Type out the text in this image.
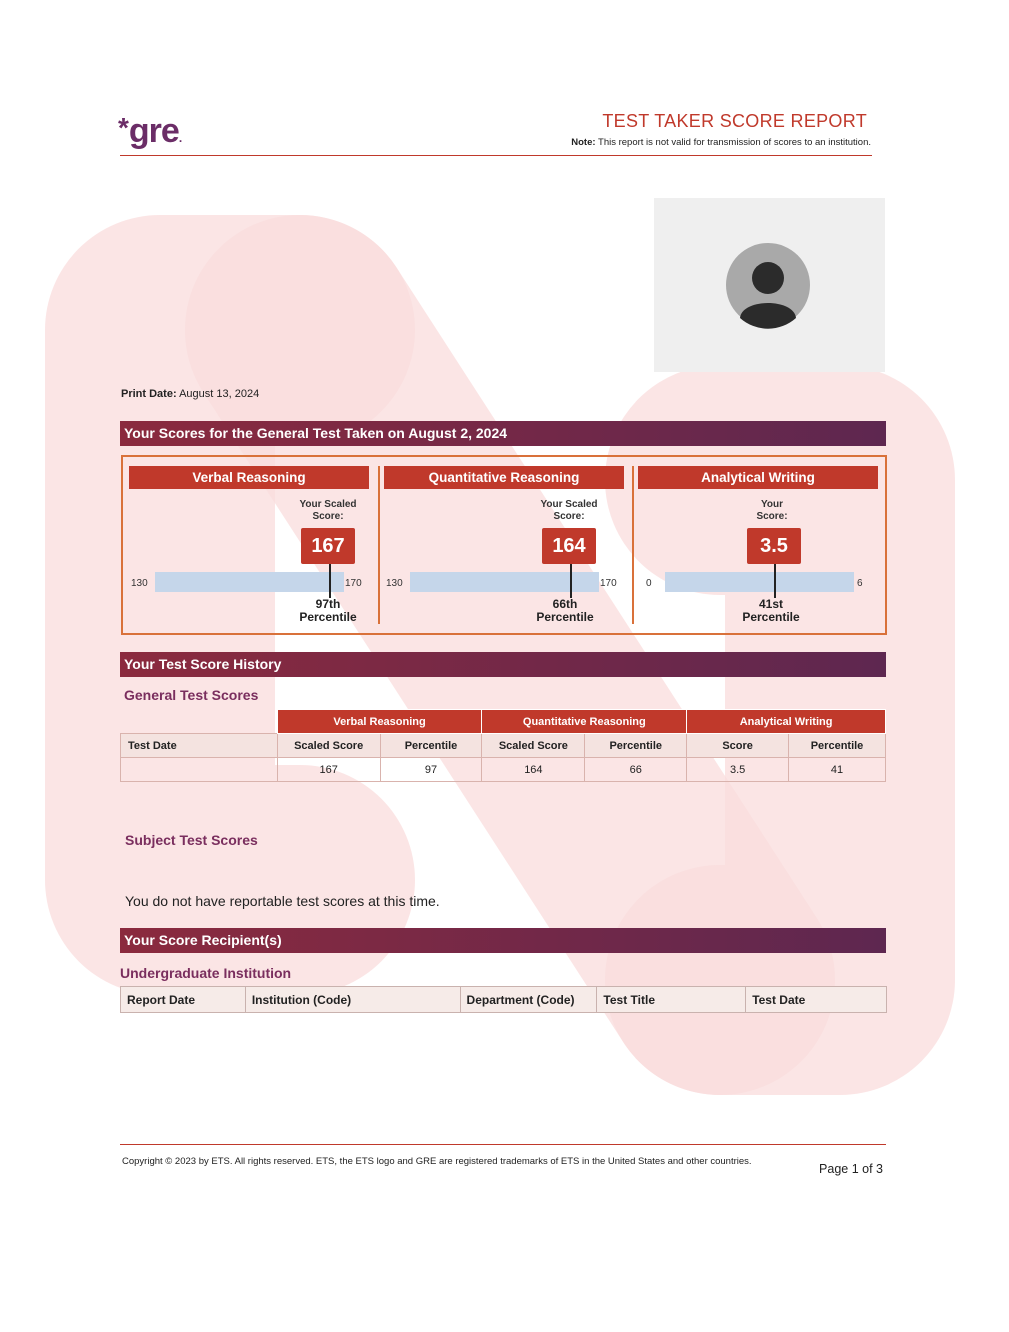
*gre.
TEST TAKER SCORE REPORT
Note: This report is not valid for transmission of scores to an institution.
Print Date: August 13, 2024
Your Scores for the General Test Taken on August 2, 2024
Verbal Reasoning
Your Scaled
Score:
167
130	170
97th
Percentile
Quantitative Reasoning
Your Scaled
Score:
164
130	170
66th
Percentile
Analytical Writing
Your
Score:
3.5
0	6
41st
Percentile
Your Test Score History
General Test Scores
	Verbal Reasoning		Quantitative Reasoning		Analytical Writing	
Test Date	Scaled Score	Percentile	Scaled Score	Percentile	Score	Percentile
	167	97	164	66	3.5	41
Subject Test Scores
You do not have reportable test scores at this time.
Your Score Recipient(s)
Undergraduate Institution
Report Date	Institution (Code)	Department (Code)	Test Title	Test Date
Copyright © 2023 by ETS. All rights reserved. ETS, the ETS logo and GRE are registered trademarks of ETS in the United States and other countries.
Page 1 of 3
